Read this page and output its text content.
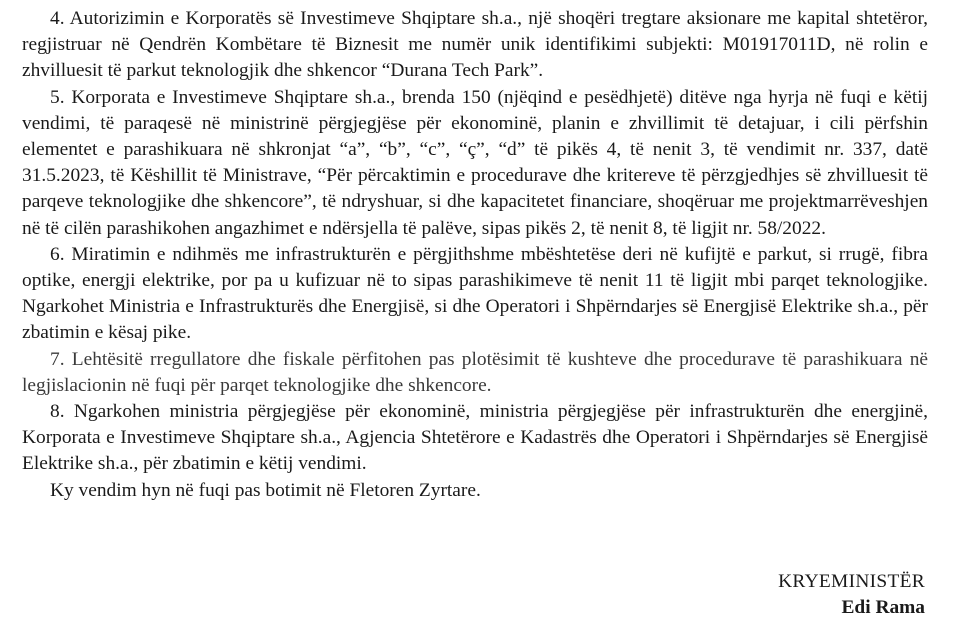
4. Autorizimin e Korporatës së Investimeve Shqiptare sh.a., një shoqëri tregtare aksionare me kapital shtetëror, regjistruar në Qendrën Kombëtare të Biznesit me numër unik identifikimi subjekti: M01917011D, në rolin e zhvilluesit të parkut teknologjik dhe shkencor “Durana Tech Park”.

5. Korporata e Investimeve Shqiptare sh.a., brenda 150 (njëqind e pesëdhjetë) ditëve nga hyrja në fuqi e këtij vendimi, të paraqesë në ministrinë përgjegjëse për ekonominë, planin e zhvillimit të detajuar, i cili përfshin elementet e parashikuara në shkronjat “a”, “b”, “c”, “ç”, “d” të pikës 4, të nenit 3, të vendimit nr. 337, datë 31.5.2023, të Këshillit të Ministrave, “Për përcaktimin e procedurave dhe kritereve të përzgjedhjes së zhvilluesit të parqeve teknologjike dhe shkencore”, të ndryshuar, si dhe kapacitetet financiare, shoqëruar me projektmarrëveshjen në të cilën parashikohen angazhimet e ndërsjella të palëve, sipas pikës 2, të nenit 8, të ligjit nr. 58/2022.

6. Miratimin e ndihmës me infrastrukturën e përgjithshme mbështetëse deri në kufijtë e parkut, si rrugë, fibra optike, energji elektrike, por pa u kufizuar në to sipas parashikimeve të nenit 11 të ligjit mbi parqet teknologjike. Ngarkohet Ministria e Infrastrukturës dhe Energjisë, si dhe Operatori i Shpërndarjes së Energjisë Elektrike sh.a., për zbatimin e kësaj pike.

7. Lehtësitë rregullatore dhe fiskale përfitohen pas plotësimit të kushteve dhe procedurave të parashikuara në legjislacionin në fuqi për parqet teknologjike dhe shkencore.

8. Ngarkohen ministria përgjegjëse për ekonominë, ministria përgjegjëse për infrastrukturën dhe energjinë, Korporata e Investimeve Shqiptare sh.a., Agjencia Shtetërore e Kadastrës dhe Operatori i Shpërndarjes së Energjisë Elektrike sh.a., për zbatimin e këtij vendimi.

Ky vendim hyn në fuqi pas botimit në Fletoren Zyrtare.

KRYEMINISTËR
Edi Rama
